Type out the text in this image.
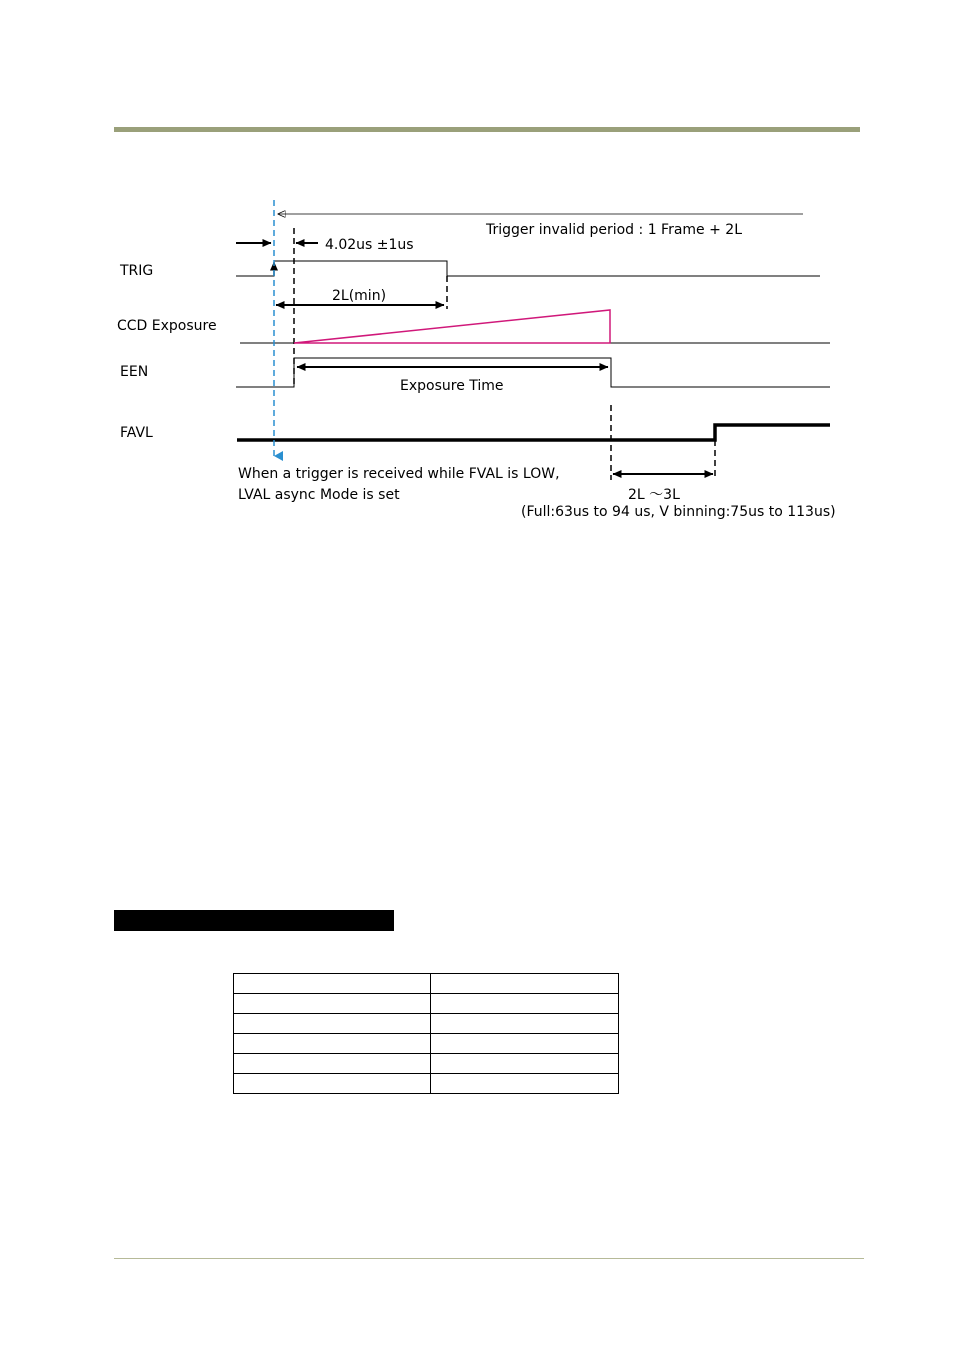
Trigger invalid period : 1 Frame + 2L
4.02us ±1us
TRIG
2L(min)
CCD Exposure
EEN
Exposure Time
FAVL
When a trigger is received while FVAL is LOW,
LVAL async Mode is set	2L ～3L
(Full:63us to 94 us, V binning:75us to 113us)
